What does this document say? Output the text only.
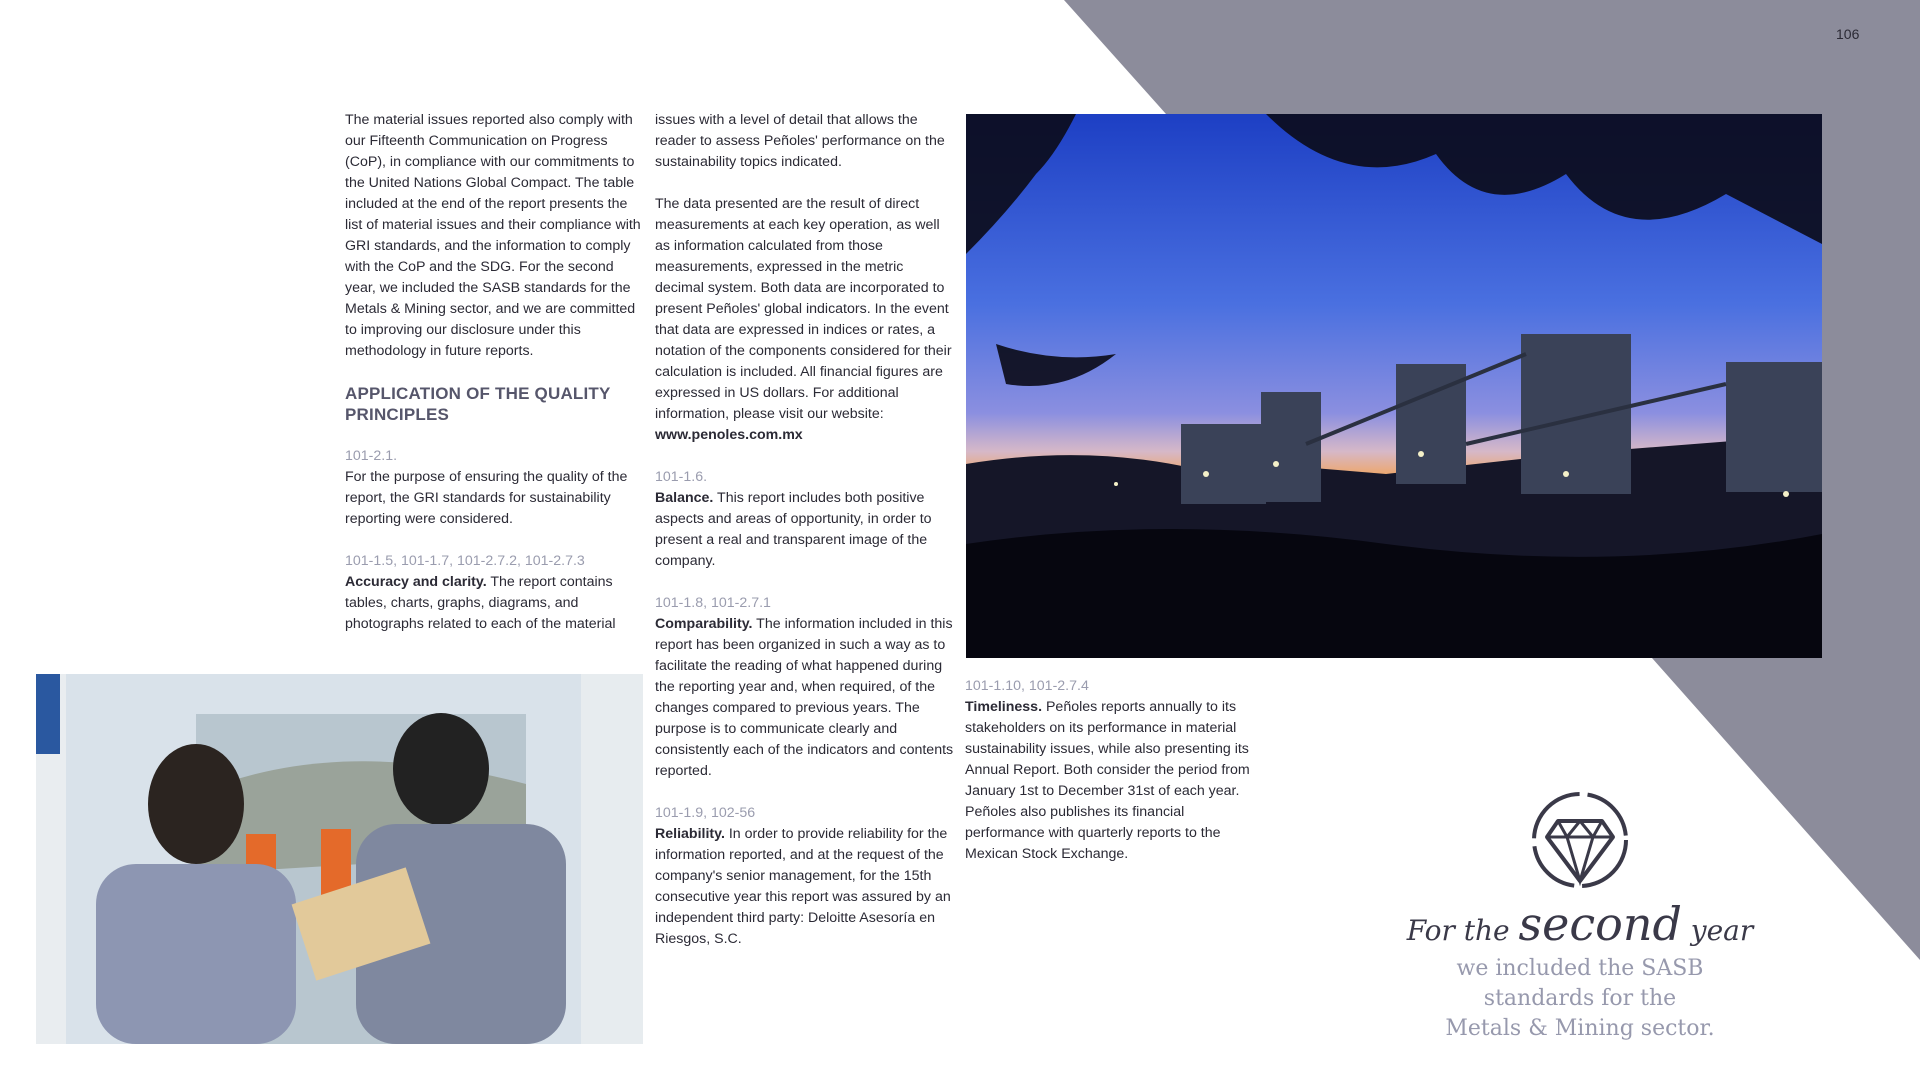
106

The material issues reported also comply with our Fifteenth Communication on Progress (CoP), in compliance with our commitments to the United Nations Global Compact. The table included at the end of the report presents the list of material issues and their compliance with GRI standards, and the information to comply with the CoP and the SDG. For the second year, we included the SASB standards for the Metals & Mining sector, and we are committed to improving our disclosure under this methodology in future reports.

APPLICATION OF THE QUALITY PRINCIPLES
101-2.1.

For the purpose of ensuring the quality of the report, the GRI standards for sustainability reporting were considered.

101-1.5, 101-1.7, 101-2.7.2, 101-2.7.3

Accuracy and clarity. The report contains tables, charts, graphs, diagrams, and photographs related to each of the material

issues with a level of detail that allows the reader to assess Peñoles' performance on the sustainability topics indicated.

The data presented are the result of direct measurements at each key operation, as well as information calculated from those measurements, expressed in the metric decimal system. Both data are incorporated to present Peñoles' global indicators. In the event that data are expressed in indices or rates, a notation of the components considered for their calculation is included. All financial figures are expressed in US dollars. For additional information, please visit our website: www.penoles.com.mx

101-1.6.

Balance. This report includes both positive aspects and areas of opportunity, in order to present a real and transparent image of the company.

101-1.8, 101-2.7.1

Comparability. The information included in this report has been organized in such a way as to facilitate the reading of what happened during the reporting year and, when required, of the changes compared to previous years. The purpose is to communicate clearly and consistently each of the indicators and contents reported.

101-1.9, 102-56

Reliability. In order to provide reliability for the information reported, and at the request of the company's senior management, for the 15th consecutive year this report was assured by an independent third party: Deloitte Asesoría en Riesgos, S.C.

101-1.10, 101-2.7.4

Timeliness. Peñoles reports annually to its stakeholders on its performance in material sustainability issues, while also presenting its Annual Report. Both consider the period from January 1st to December 31st of each year. Peñoles also publishes its financial performance with quarterly reports to the Mexican Stock Exchange.

For the second year
we included the SASB
standards for the
Metals & Mining sector.
